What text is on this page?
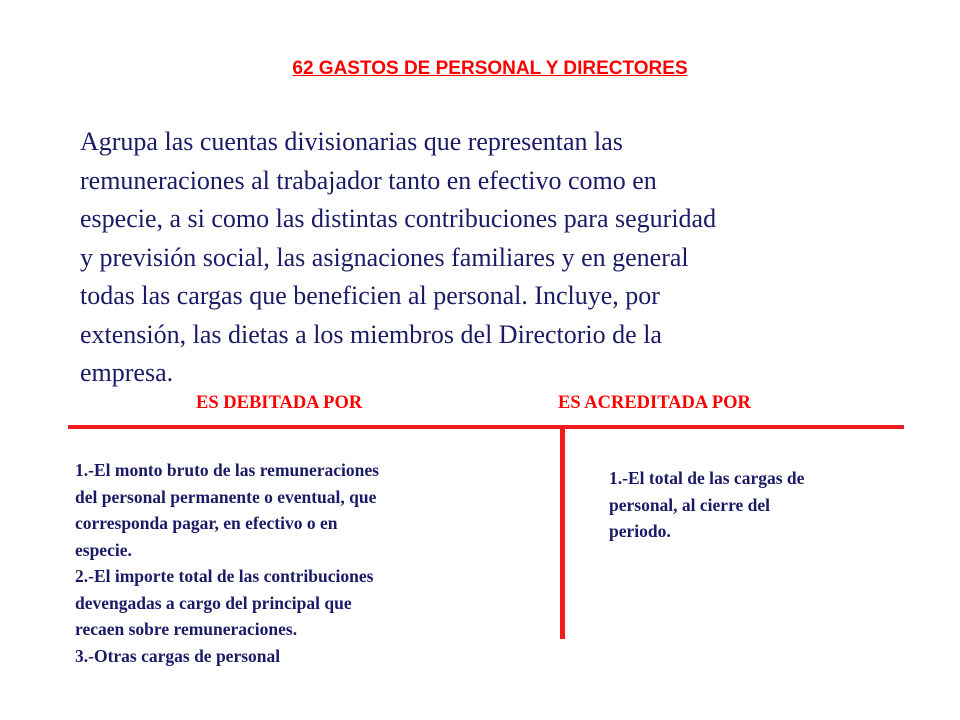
62 GASTOS DE PERSONAL Y DIRECTORES
Agrupa las cuentas divisionarias que representan las
remuneraciones al trabajador tanto en efectivo como en
especie, a si como las distintas contribuciones para seguridad
y previsión social, las asignaciones familiares y en general
todas las cargas que beneficien al personal. Incluye, por
extensión, las dietas a los miembros del Directorio de la
empresa.
ES DEBITADA POR	ES ACREDITADA POR
1.-El monto bruto de las remuneraciones
del personal permanente o eventual, que
corresponda pagar, en efectivo o en
especie.
2.-El importe total de las contribuciones
devengadas a cargo del principal que
recaen sobre remuneraciones.
3.-Otras cargas de personal
1.-El total de las cargas de
personal, al cierre del
periodo.
